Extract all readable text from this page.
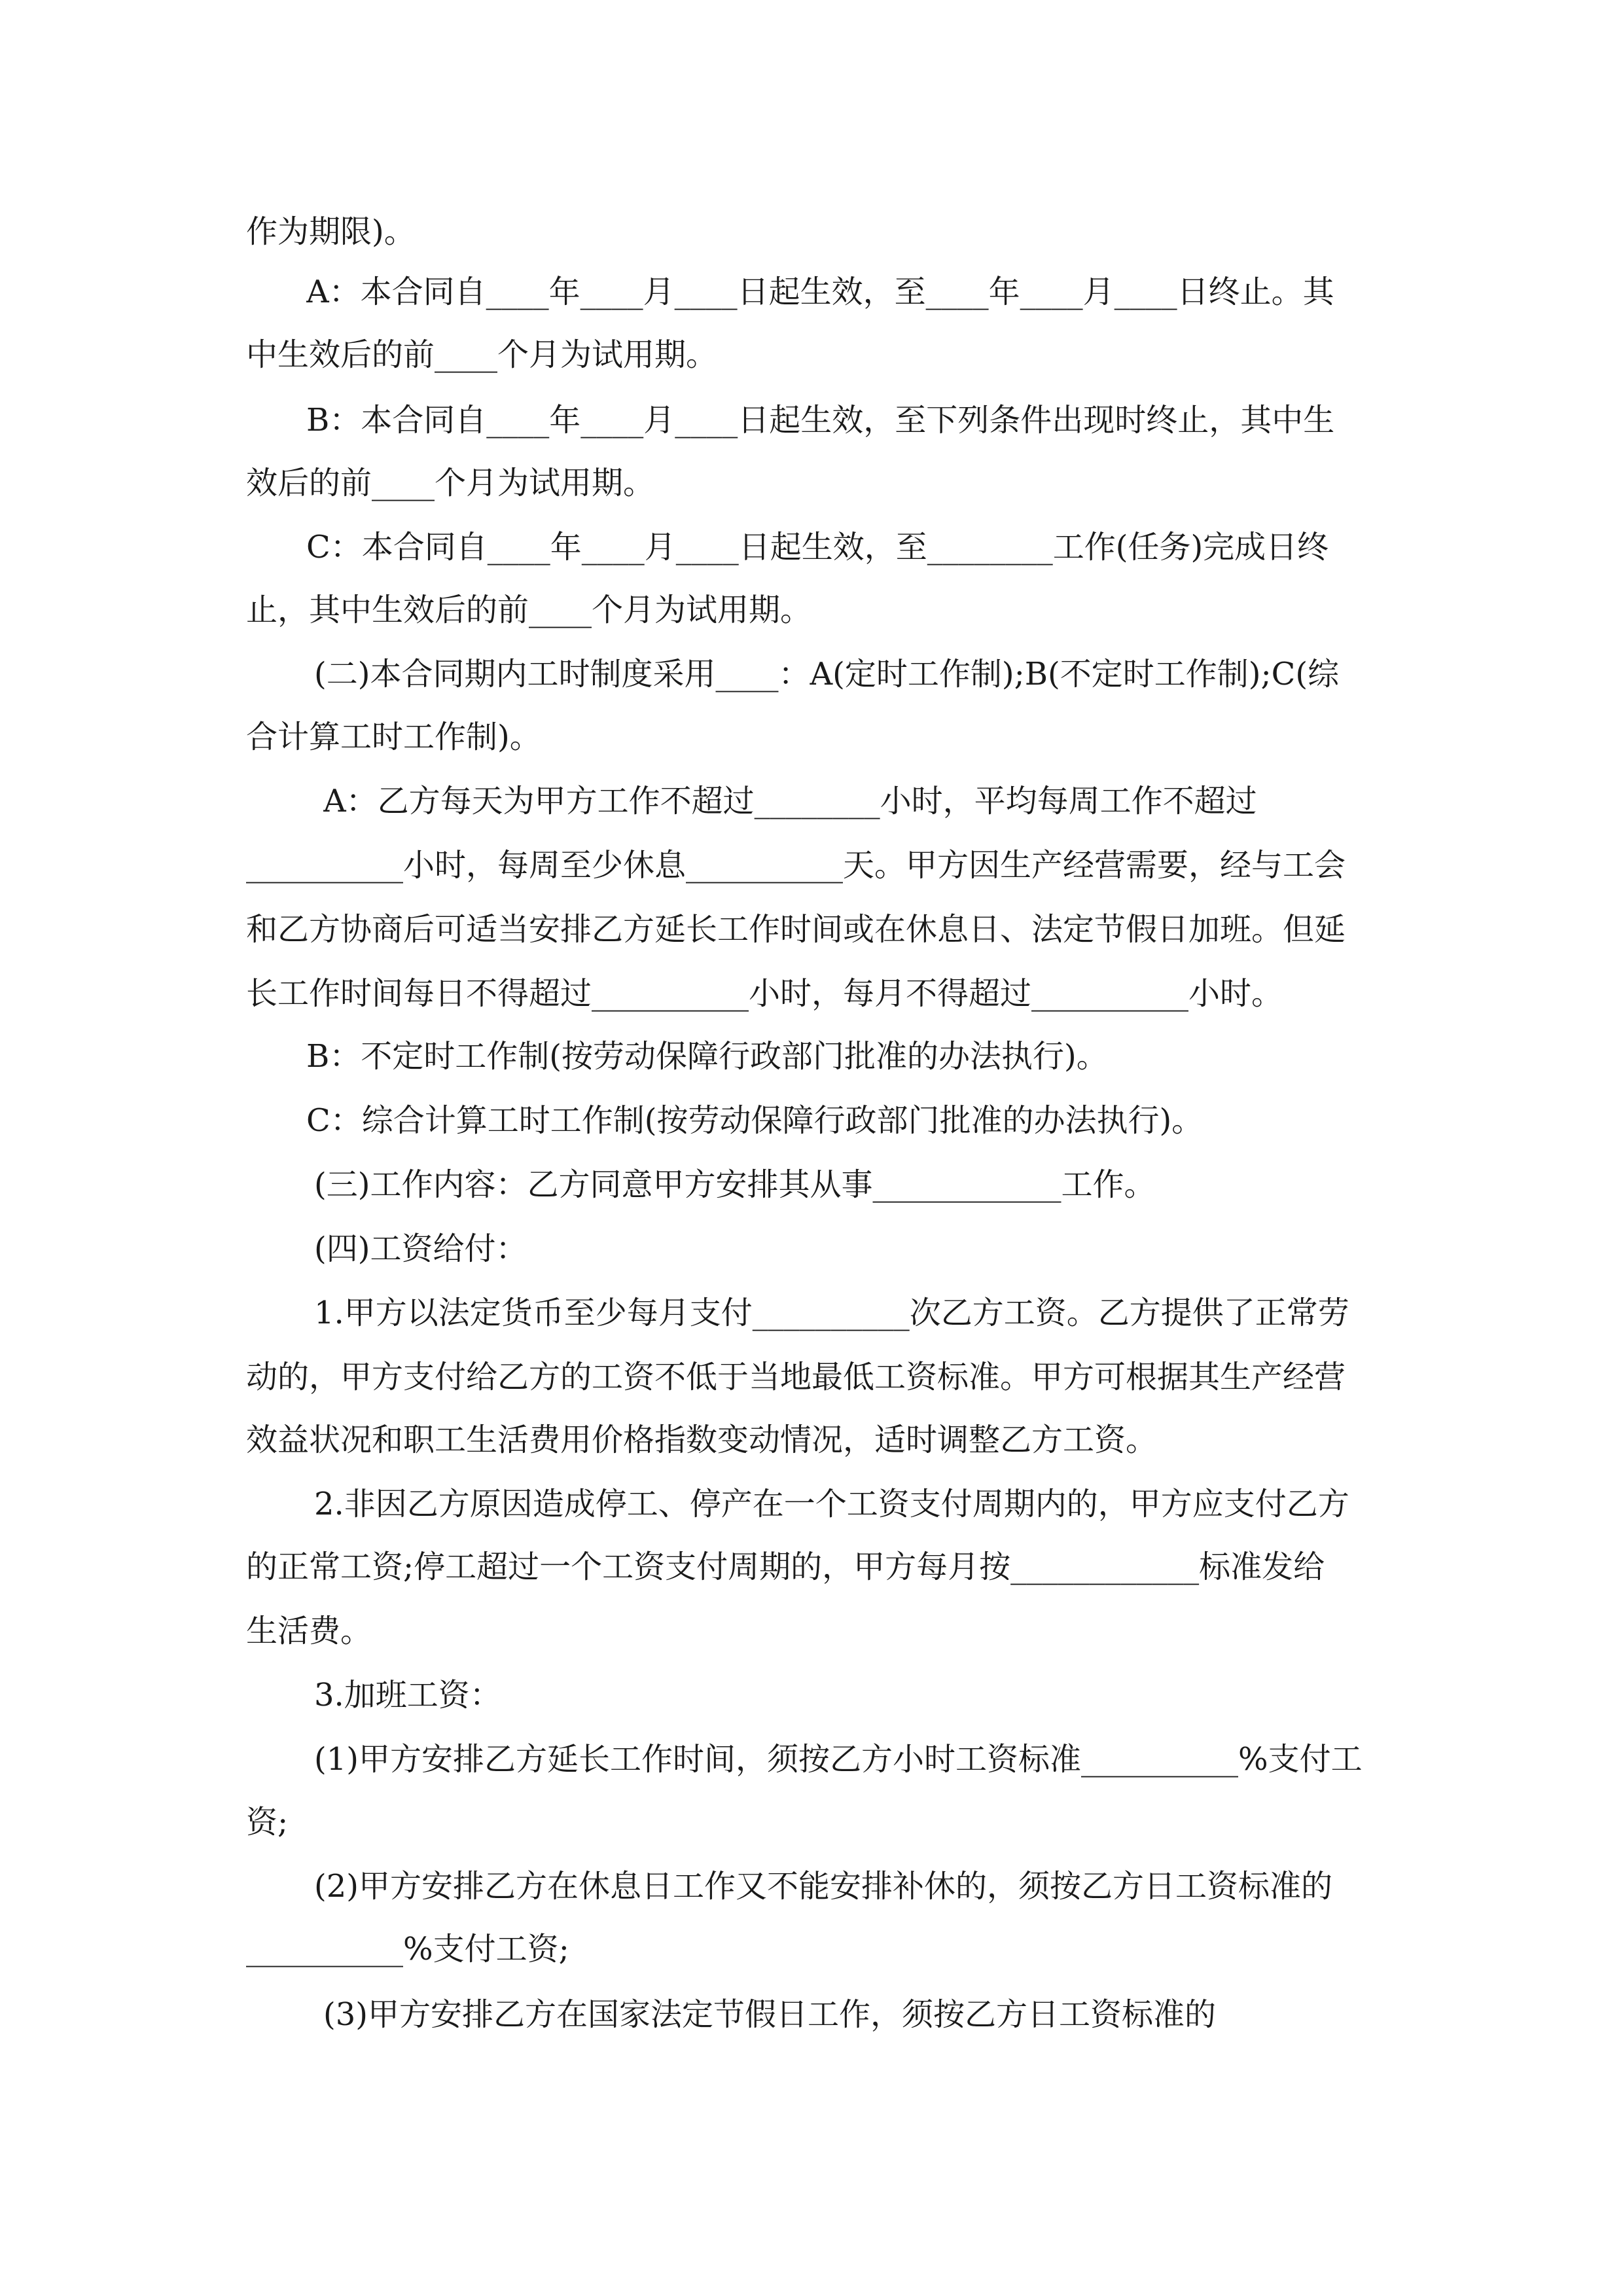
作为期限)。
A：本合同自____年____月____日起生效，至____年____月____日终止。其
中生效后的前____个月为试用期。
B：本合同自____年____月____日起生效，至下列条件出现时终止，其中生
效后的前____个月为试用期。
C：本合同自____年____月____日起生效，至________工作(任务)完成日终
止，其中生效后的前____个月为试用期。
(二)本合同期内工时制度采用____：A(定时工作制);B(不定时工作制);C(综
合计算工时工作制)。
A：乙方每天为甲方工作不超过________小时，平均每周工作不超过
__________小时，每周至少休息__________天。甲方因生产经营需要，经与工会
和乙方协商后可适当安排乙方延长工作时间或在休息日、法定节假日加班。但延
长工作时间每日不得超过__________小时，每月不得超过__________小时。
B：不定时工作制(按劳动保障行政部门批准的办法执行)。
C：综合计算工时工作制(按劳动保障行政部门批准的办法执行)。
(三)工作内容：乙方同意甲方安排其从事____________工作。
(四)工资给付：
1.甲方以法定货币至少每月支付__________次乙方工资。乙方提供了正常劳
动的，甲方支付给乙方的工资不低于当地最低工资标准。甲方可根据其生产经营
效益状况和职工生活费用价格指数变动情况，适时调整乙方工资。
2.非因乙方原因造成停工、停产在一个工资支付周期内的，甲方应支付乙方
的正常工资;停工超过一个工资支付周期的，甲方每月按____________标准发给
生活费。
3.加班工资：
(1)甲方安排乙方延长工作时间，须按乙方小时工资标准__________%支付工
资;
(2)甲方安排乙方在休息日工作又不能安排补休的，须按乙方日工资标准的
__________%支付工资;
(3)甲方安排乙方在国家法定节假日工作，须按乙方日工资标准的
